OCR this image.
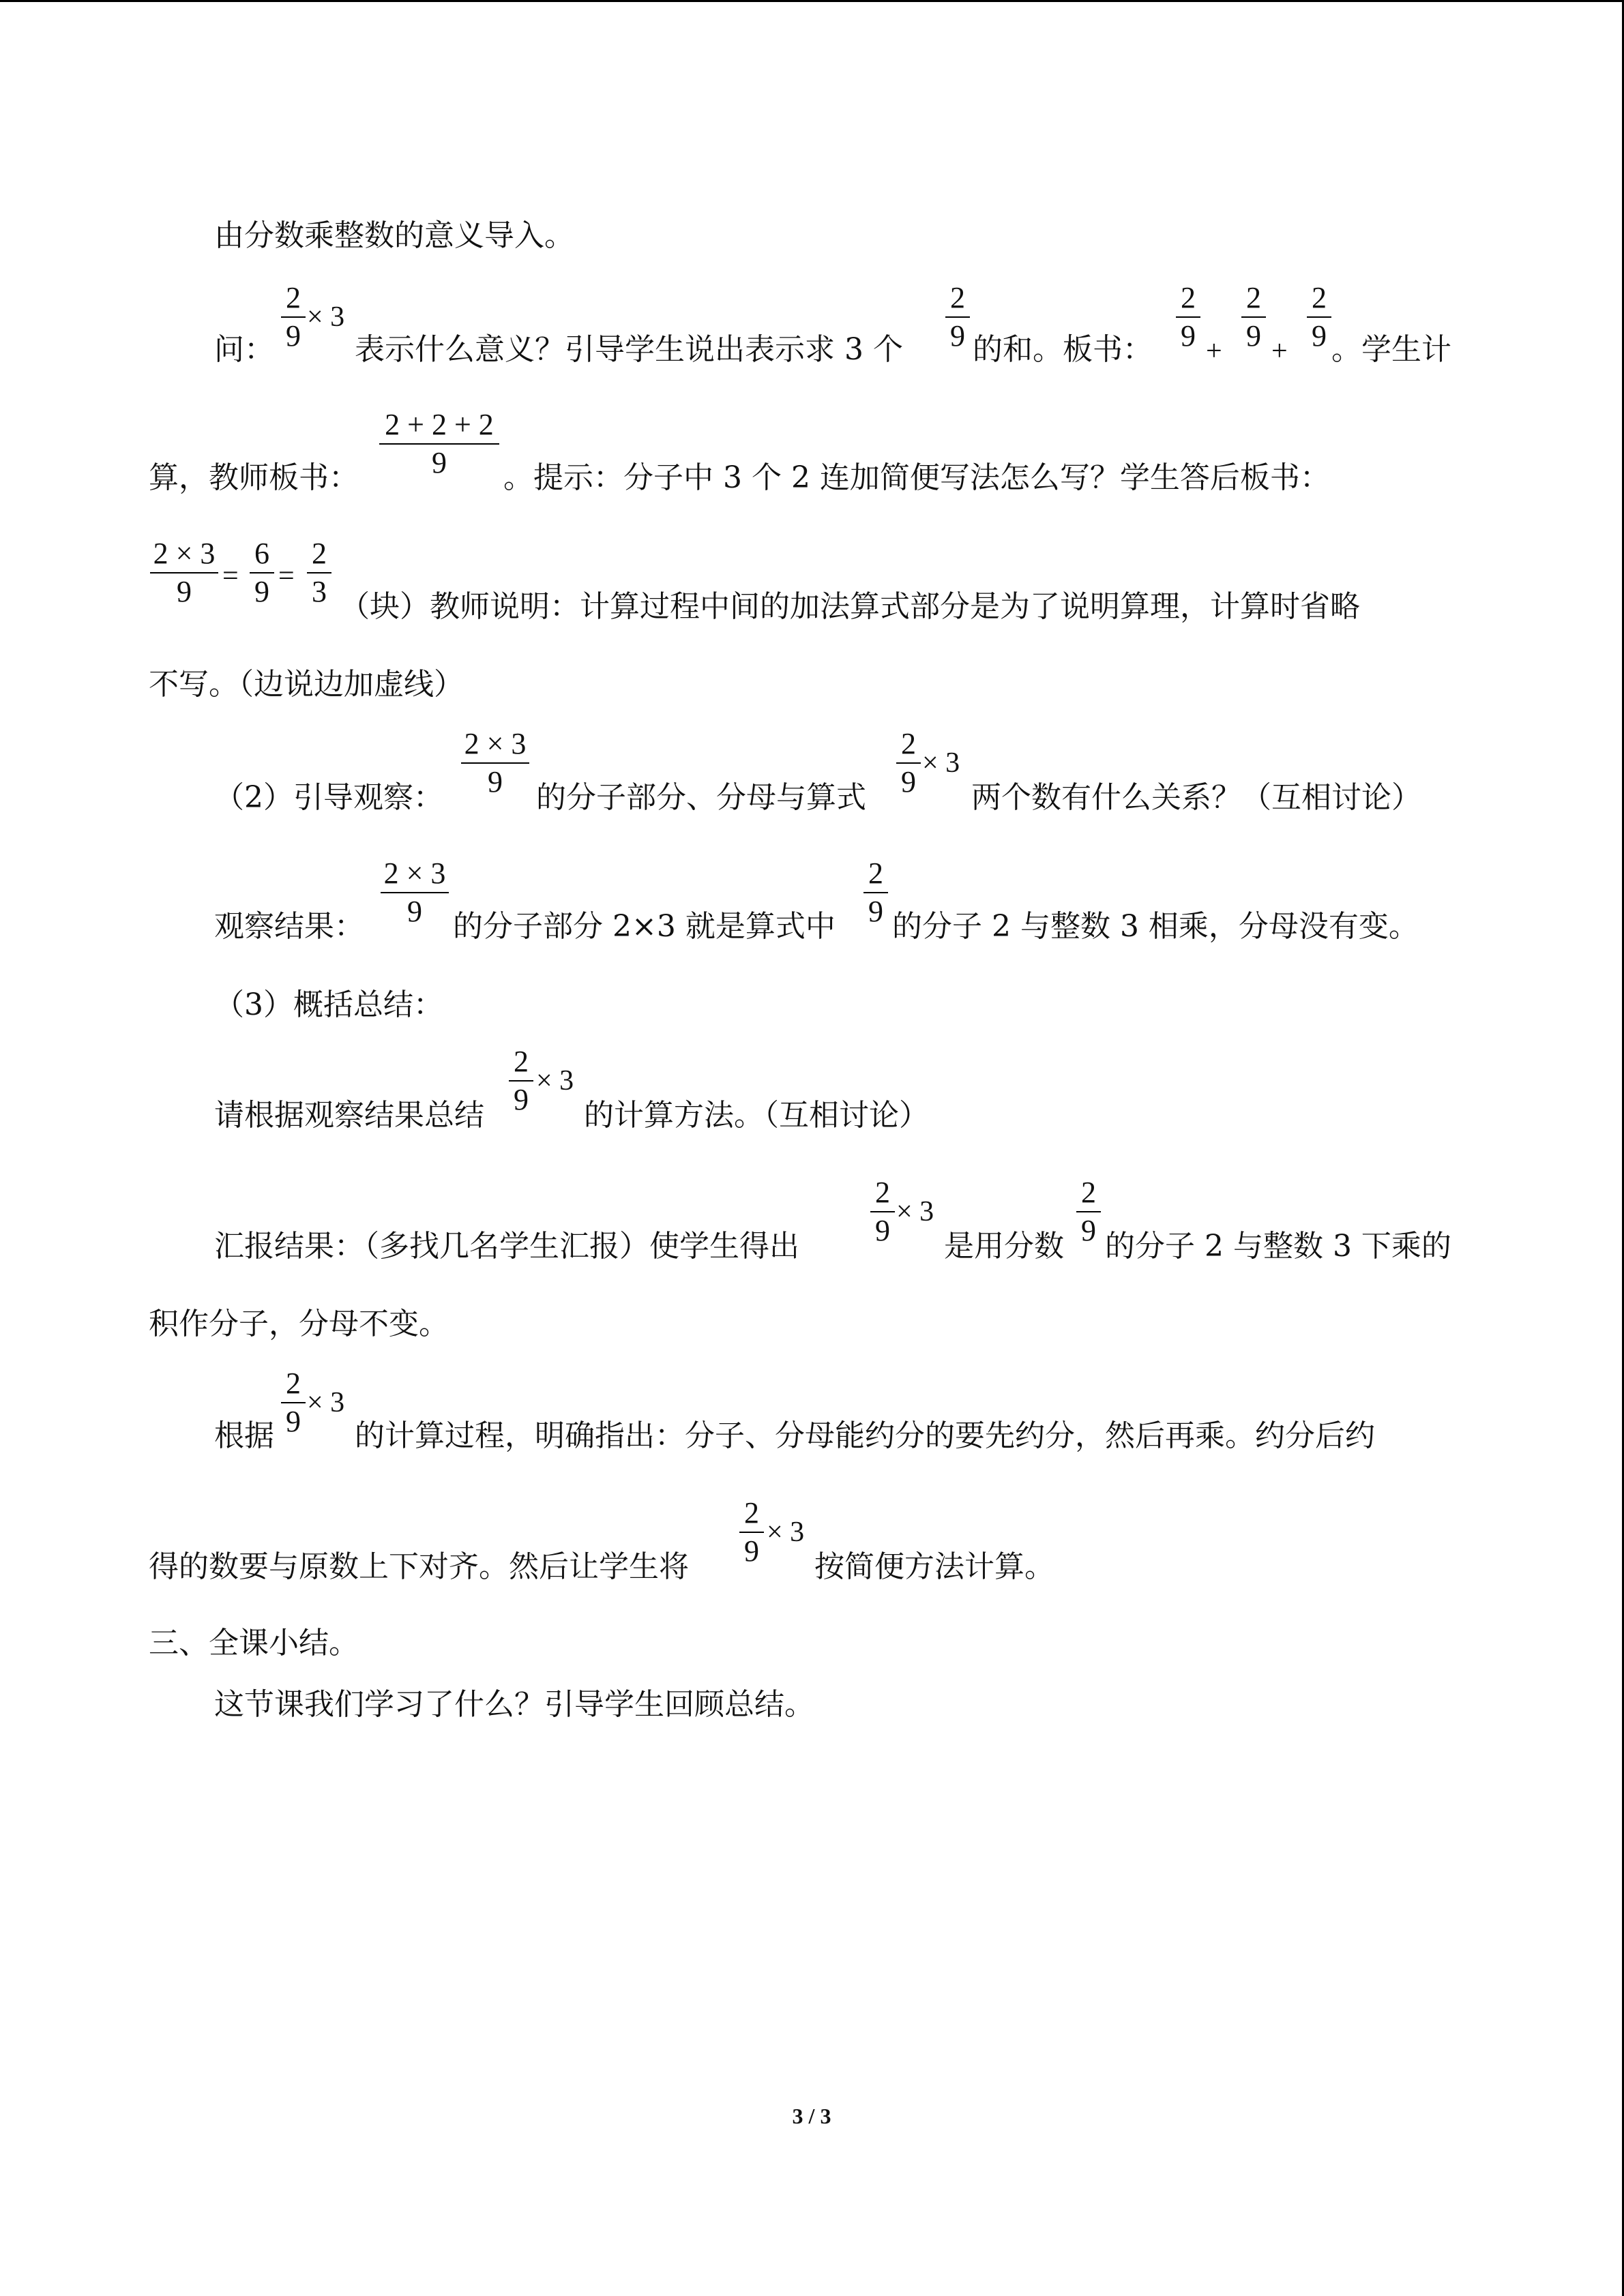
由分数乘整数的意义导入。
问：
2
9
× 3
表示什么意义？引导学生说出表示求 3 个
2
9 的和。板书：
2
9 +
2
9 +
2
9 。学生计
算，教师板书：
2 + 2 + 2
9	。提示：分子中 3 个 2 连加简便写法怎么写？学生答后板书：
2 × 3
9	=
6
9 =
2
3 （块）教师说明：计算过程中间的加法算式部分是为了说明算理，计算时省略
不写。（边说边加虚线）
（2）引导观察：
2 × 3
9	的分子部分、分母与算式
2
9
× 3
两个数有什么关系？（互相讨论）
观察结果：
2 × 3
9	的分子部分 2×3 就是算式中
2
9 的分子 2 与整数 3 相乘，分母没有变。
（3）概括总结：
请根据观察结果总结
2
9
× 3
的计算方法。（互相讨论）
汇报结果：（多找几名学生汇报）使学生得出
2
9
× 3
是用分数
2
9 的分子 2 与整数 3 下乘的
积作分子，分母不变。
根据
2
9
× 3
的计算过程，明确指出：分子、分母能约分的要先约分，然后再乘。约分后约
得的数要与原数上下对齐。然后让学生将
2
9
× 3
按简便方法计算。
三、全课小结。
这节课我们学习了什么？引导学生回顾总结。
3 / 3
